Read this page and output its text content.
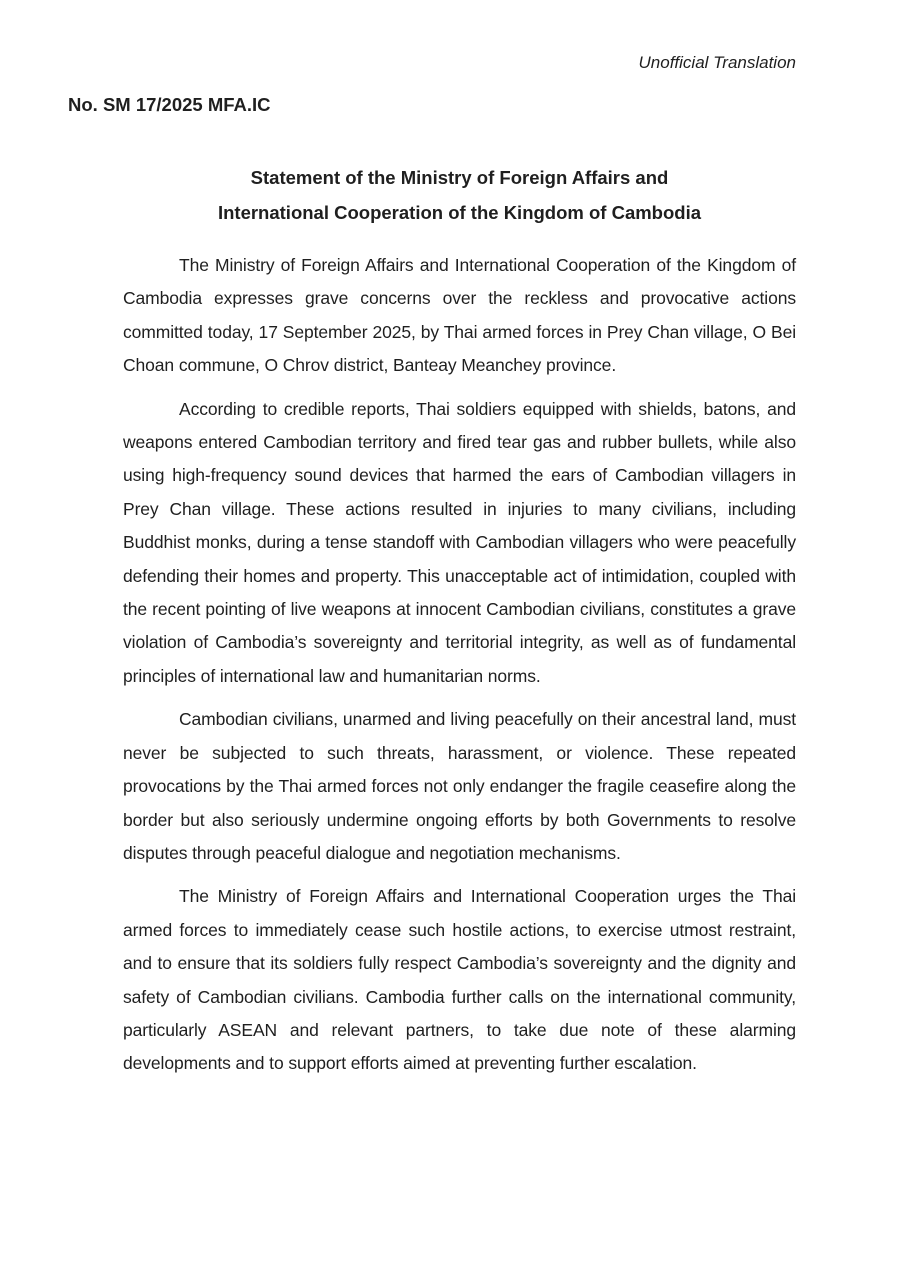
Unofficial Translation
No. SM 17/2025 MFA.IC
Statement of the Ministry of Foreign Affairs and
International Cooperation of the Kingdom of Cambodia

The Ministry of Foreign Affairs and International Cooperation of the Kingdom of Cambodia expresses grave concerns over the reckless and provocative actions committed today, 17 September 2025, by Thai armed forces in Prey Chan village, O Bei Choan commune, O Chrov district, Banteay Meanchey province.

According to credible reports, Thai soldiers equipped with shields, batons, and weapons entered Cambodian territory and fired tear gas and rubber bullets, while also using high-frequency sound devices that harmed the ears of Cambodian villagers in Prey Chan village. These actions resulted in injuries to many civilians, including Buddhist monks, during a tense standoff with Cambodian villagers who were peacefully defending their homes and property. This unacceptable act of intimidation, coupled with the recent pointing of live weapons at innocent Cambodian civilians, constitutes a grave violation of Cambodia’s sovereignty and territorial integrity, as well as of fundamental principles of international law and humanitarian norms.

Cambodian civilians, unarmed and living peacefully on their ancestral land, must never be subjected to such threats, harassment, or violence. These repeated provocations by the Thai armed forces not only endanger the fragile ceasefire along the border but also seriously undermine ongoing efforts by both Governments to resolve disputes through peaceful dialogue and negotiation mechanisms.

The Ministry of Foreign Affairs and International Cooperation urges the Thai armed forces to immediately cease such hostile actions, to exercise utmost restraint, and to ensure that its soldiers fully respect Cambodia’s sovereignty and the dignity and safety of Cambodian civilians. Cambodia further calls on the international community, particularly ASEAN and relevant partners, to take due note of these alarming developments and to support efforts aimed at preventing further escalation.
